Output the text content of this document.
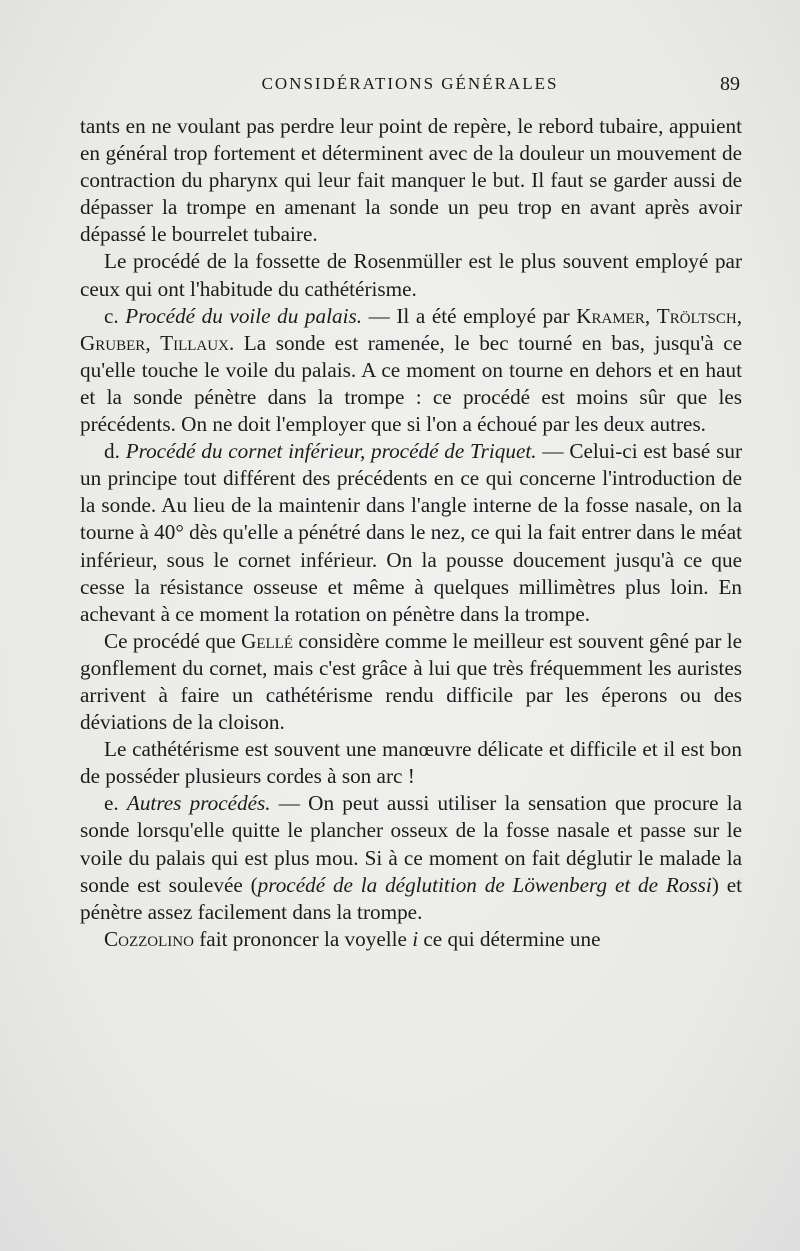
CONSIDÉRATIONS GÉNÉRALES	89

tants en ne voulant pas perdre leur point de repère, le rebord tubaire, appuient en général trop fortement et déterminent avec de la douleur un mouvement de contraction du pharynx qui leur fait manquer le but. Il faut se garder aussi de dépasser la trompe en amenant la sonde un peu trop en avant après avoir dépassé le bourrelet tubaire.

Le procédé de la fossette de Rosenmüller est le plus souvent employé par ceux qui ont l'habitude du cathétérisme.

c. Procédé du voile du palais. — Il a été employé par Kramer, Tröltsch, Gruber, Tillaux. La sonde est ramenée, le bec tourné en bas, jusqu'à ce qu'elle touche le voile du palais. A ce moment on tourne en dehors et en haut et la sonde pénètre dans la trompe : ce procédé est moins sûr que les précédents. On ne doit l'employer que si l'on a échoué par les deux autres.

d. Procédé du cornet inférieur, procédé de Triquet. — Celui-ci est basé sur un principe tout différent des précédents en ce qui concerne l'introduction de la sonde. Au lieu de la maintenir dans l'angle interne de la fosse nasale, on la tourne à 40° dès qu'elle a pénétré dans le nez, ce qui la fait entrer dans le méat inférieur, sous le cornet inférieur. On la pousse doucement jusqu'à ce que cesse la résistance osseuse et même à quelques millimètres plus loin. En achevant à ce moment la rotation on pénètre dans la trompe.

Ce procédé que Gellé considère comme le meilleur est souvent gêné par le gonflement du cornet, mais c'est grâce à lui que très fréquemment les auristes arrivent à faire un cathétérisme rendu difficile par les éperons ou des déviations de la cloison.

Le cathétérisme est souvent une manœuvre délicate et difficile et il est bon de posséder plusieurs cordes à son arc !

e. Autres procédés. — On peut aussi utiliser la sensation que procure la sonde lorsqu'elle quitte le plancher osseux de la fosse nasale et passe sur le voile du palais qui est plus mou. Si à ce moment on fait déglutir le malade la sonde est soulevée (procédé de la déglutition de Löwenberg et de Rossi) et pénètre assez facilement dans la trompe.

Cozzolino fait prononcer la voyelle i ce qui détermine une
